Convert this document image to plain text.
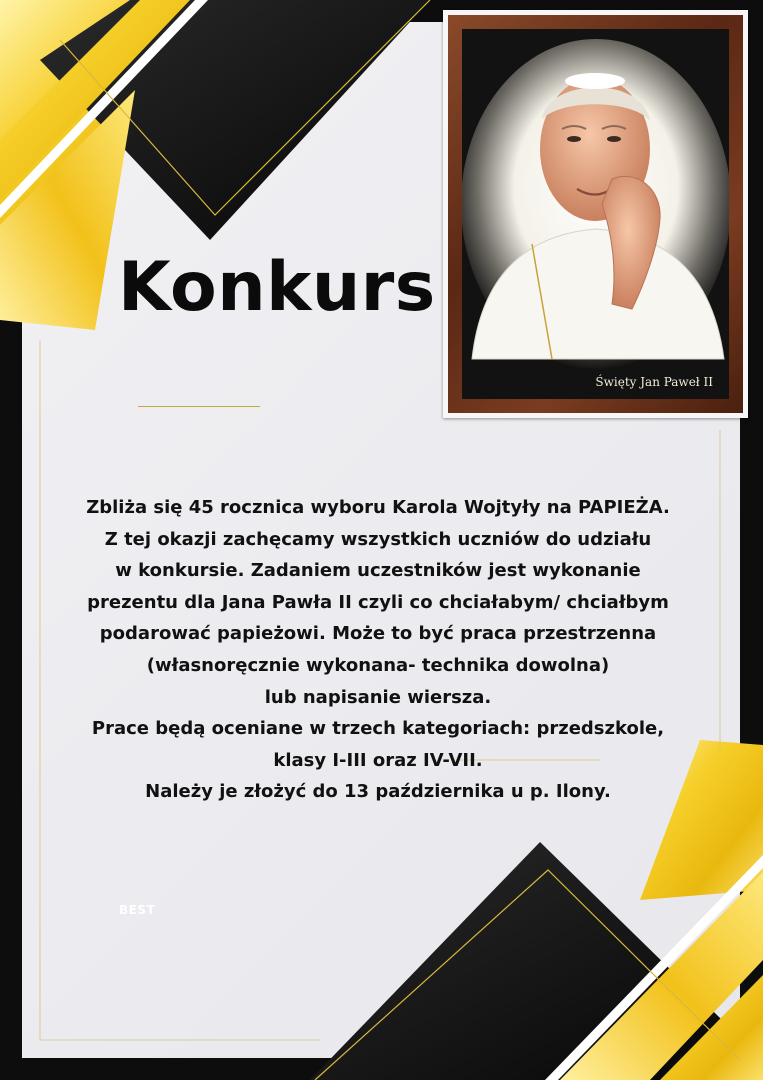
Konkurs
Święty Jan Paweł II
Zbliża się 45 rocznica wyboru Karola Wojtyły na PAPIEŻA.
Z tej okazji zachęcamy wszystkich uczniów do udziału
w konkursie. Zadaniem uczestników jest wykonanie
prezentu dla Jana Pawła II czyli co chciałabym/ chciałbym
podarować papieżowi. Może to być praca przestrzenna
(własnoręcznie wykonana- technika dowolna)
lub napisanie wiersza.
Prace będą oceniane w trzech kategoriach: przedszkole,
klasy I-III oraz IV-VII.
Należy je złożyć do 13 października u p. Ilony.
BEST
